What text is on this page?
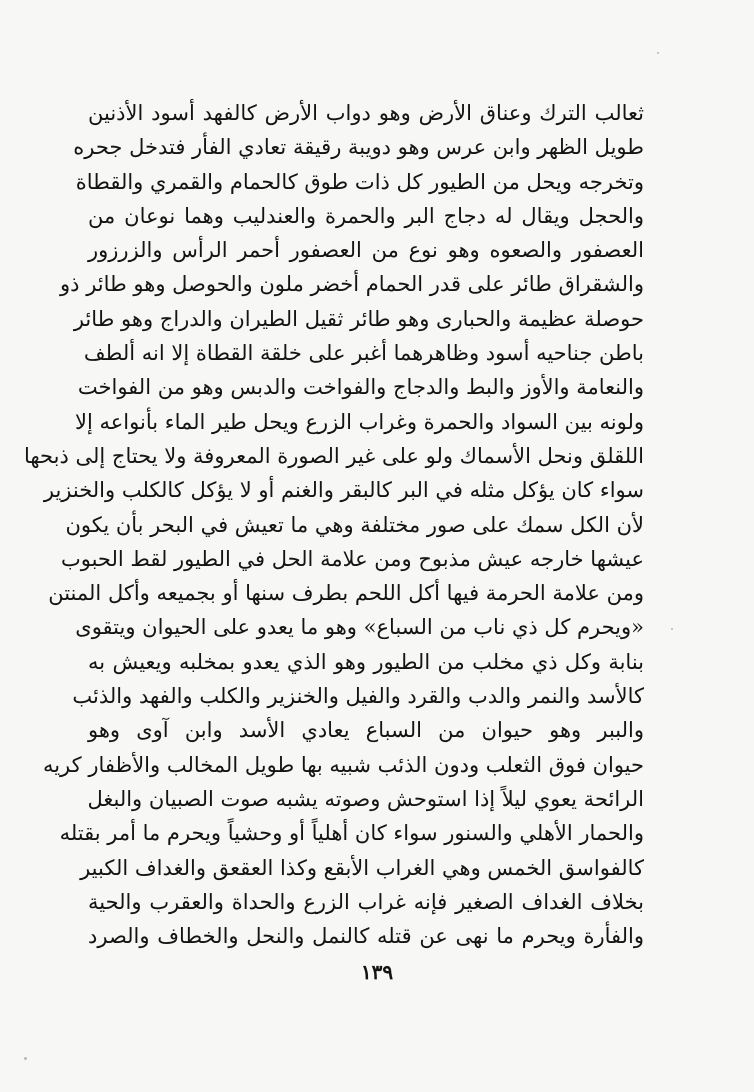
ثعالب الترك وعناق الأرض وهو دواب الأرض كالفهد أسود الأذنين
طويل الظهر وابن عرس وهو دويبة رقيقة تعادي الفأر فتدخل جحره
وتخرجه ويحل من الطيور كل ذات طوق كالحمام والقمري والقطاة
والحجل ويقال له دجاج البر والحمرة والعندليب وهما نوعان من
العصفور والصعوه وهو نوع من العصفور أحمر الرأس والزرزور
والشقراق طائر على قدر الحمام أخضر ملون والحوصل وهو طائر ذو
حوصلة عظيمة والحبارى وهو طائر ثقيل الطيران والدراج وهو طائر
باطن جناحيه أسود وظاهرهما أغبر على خلقة القطاة إلا انه ألطف
والنعامة والأوز والبط والدجاج والفواخت والدبس وهو من الفواخت
ولونه بين السواد والحمرة وغراب الزرع ويحل طير الماء بأنواعه إلا
اللقلق ونحل الأسماك ولو على غير الصورة المعروفة ولا يحتاج إلى ذبحها
سواء كان يؤكل مثله في البر كالبقر والغنم أو لا يؤكل كالكلب والخنزير
لأن الكل سمك على صور مختلفة وهي ما تعيش في البحر بأن يكون
عيشها خارجه عيش مذبوح ومن علامة الحل في الطيور لقط الحبوب
ومن علامة الحرمة فيها أكل اللحم بطرف سنها أو بجميعه وأكل المنتن
«ويحرم كل ذي ناب من السباع» وهو ما يعدو على الحيوان ويتقوى
بنابة وكل ذي مخلب من الطيور وهو الذي يعدو بمخلبه ويعيش به
كالأسد والنمر والدب والقرد والفيل والخنزير والكلب والفهد والذئب
والببر وهو حيوان من السباع يعادي الأسد وابن آوى وهو
حيوان فوق الثعلب ودون الذئب شبيه بها طويل المخالب والأظفار كريه
الرائحة يعوي ليلاً إذا استوحش وصوته يشبه صوت الصبيان والبغل
والحمار الأهلي والسنور سواء كان أهلياً أو وحشياً ويحرم ما أمر بقتله
كالفواسق الخمس وهي الغراب الأبقع وكذا العقعق والغداف الكبير
بخلاف الغداف الصغير فإنه غراب الزرع والحداة والعقرب والحية
والفأرة ويحرم ما نهى عن قتله كالنمل والنحل والخطاف والصرد
١٣٩
